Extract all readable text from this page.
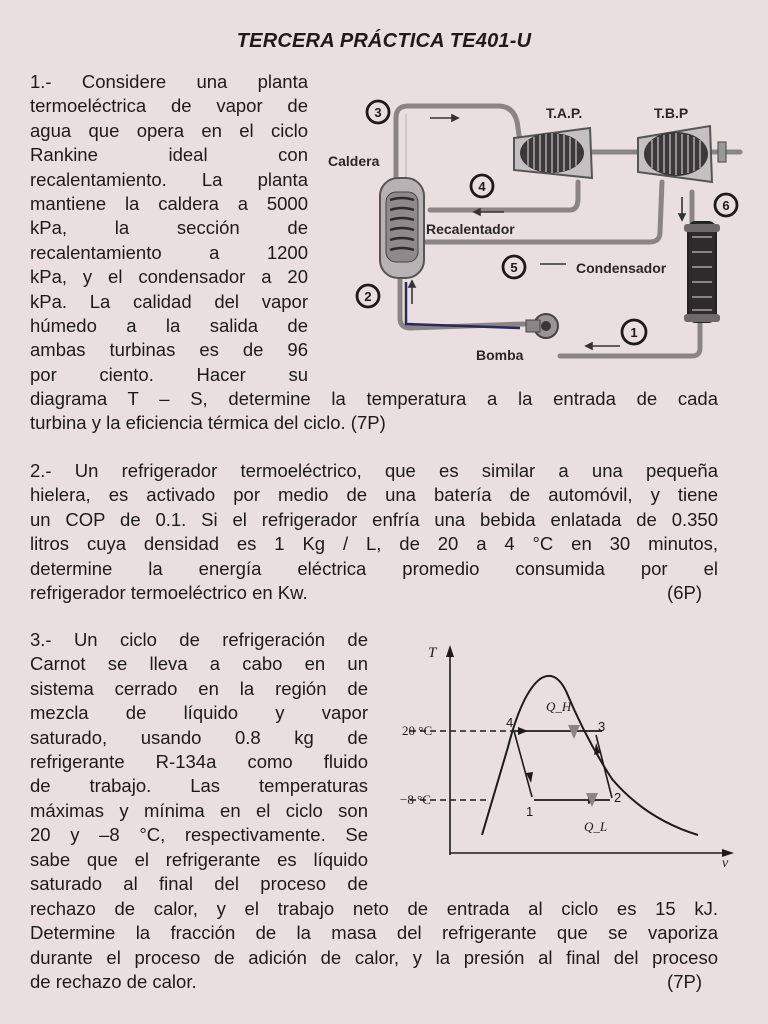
TERCERA PRÁCTICA TE401-U
1.- Considere una planta
termoeléctrica de vapor de
agua que opera en el ciclo
Rankine ideal con
recalentamiento. La planta
mantiene la caldera a 5000
kPa, la sección de
recalentamiento a 1200
kPa, y el condensador a 20
kPa. La calidad del vapor
húmedo a la salida de
ambas turbinas es de 96
por ciento. Hacer su
diagrama T – S, determine la temperatura a la entrada de cada
turbina y la eficiencia térmica del ciclo. (7P)
Caldera
T.A.P.	T.B.P
Recalentador
Condensador
Bomba
3
4
6
5
2
1
2.- Un refrigerador termoeléctrico, que es similar a una pequeña
hielera, es activado por medio de una batería de automóvil, y tiene
un COP de 0.1. Si el refrigerador enfría una bebida enlatada de 0.350
litros cuya densidad es 1 Kg / L, de 20 a 4 °C en 30 minutos,
determine la energía eléctrica promedio consumida por el
refrigerador termoeléctrico en Kw.	(6P)
3.- Un ciclo de refrigeración de
Carnot se lleva a cabo en un
sistema cerrado en la región de
mezcla de líquido y vapor
saturado, usando 0.8 kg de
refrigerante R-134a como fluido
de trabajo. Las temperaturas
máximas y mínima en el ciclo son
20 y –8 °C, respectivamente. Se
sabe que el refrigerante es líquido
saturado al final del proceso de
rechazo de calor, y el trabajo neto de entrada al ciclo es 15 kJ.
Determine la fracción de la masa del refrigerante que se vaporiza
durante el proceso de adición de calor, y la presión al final del proceso
de rechazo de calor.	(7P)
T
v
20 °C
−8 °C
Q_H
Q_L
1
2
3
4
